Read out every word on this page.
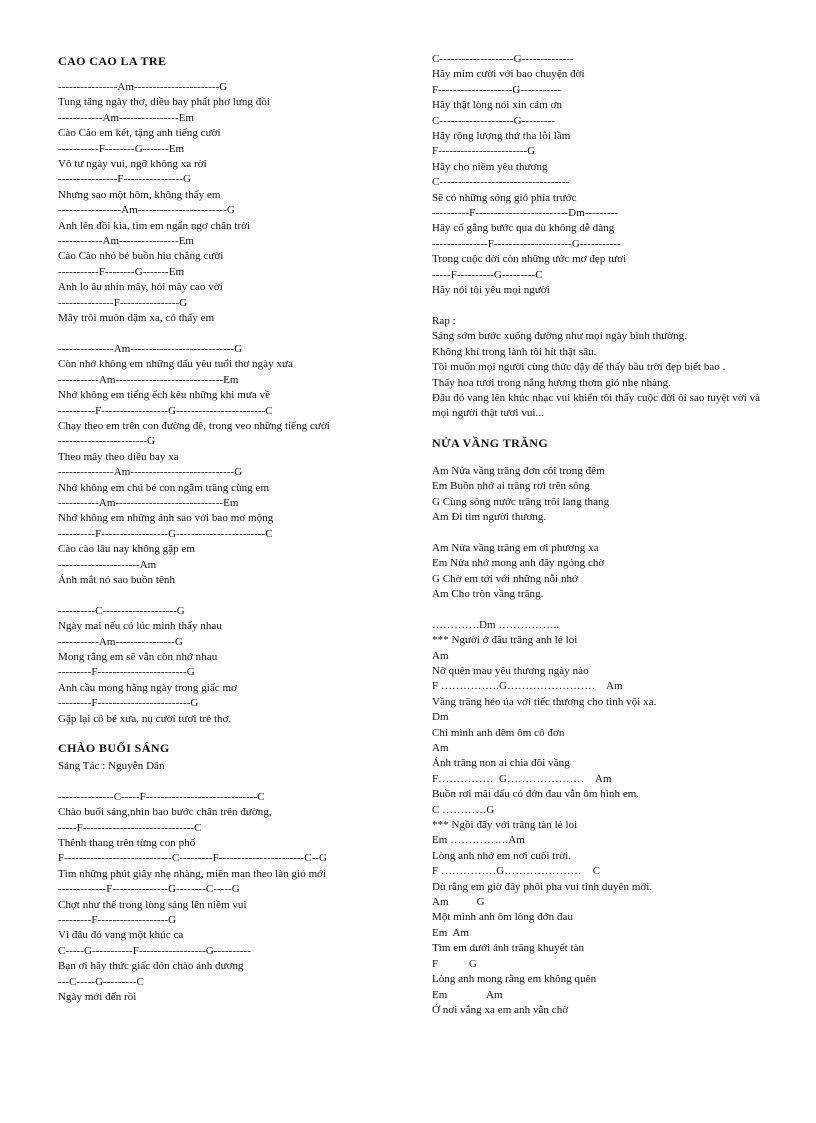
CAO CAO LA TRE
----------------Am-----------------------G
Tung tăng ngày thơ, diều bay phất phơ lưng đồi
------------Am----------------Em
Cào Cào em kết, tặng anh tiếng cười
-----------F--------G-------Em
Vô tư ngày vui, ngỡ không xa rời
----------------F----------------G
Nhưng sao một hôm, không thấy em
-----------------Am------------------------G
Anh lên đồi kia, tìm em ngẩn ngơ chân trời
------------Am----------------Em
Cào Cào nhỏ bé buồn hiu chẳng cười
-----------F--------G-------Em
Anh lo âu nhìn mây, hỏi mây cao vời
---------------F----------------G
Mây trôi muôn dặm xa, có thấy em
---------------Am----------------------------G
Còn nhớ không em những dấu yêu tuổi thơ ngày xưa
-----------Am-----------------------------Em
Nhớ không em tiếng ếch kêu những khi mưa về
----------F------------------G------------------------C
Chạy theo em trên con đường đê, trong veo những tiếng cười
------------------------G
Theo mây theo diều bay xa
---------------Am----------------------------G
Nhớ không em chú bé con ngắm trăng cùng em
-----------Am-----------------------------Em
Nhớ không em những ánh sao với bao mơ mộng
----------F------------------G------------------------C
Cào cào lâu nay không gặp em
----------------------Am
Ánh mắt nó sao buồn tênh
----------C--------------------G
Ngày mai nếu có lúc mình thấy nhau
-----------Am----------------G
Mong rằng em sẽ vẫn còn nhớ nhau
---------F------------------------G
Anh cầu mong hằng ngày trong giấc mơ
---------F-------------------------G
Gặp lại cô bé xưa, nụ cười tươi trẻ thơ.
CHÀO BUỔI SÁNG
Sáng Tác : Nguyễn Dân
---------------C-----F------------------------------C
Chào buổi sáng,nhìn bao bước chân trên đường,
-----F------------------------------C
Thênh thang trên từng con phố
F-----------------------------C---------F-----------------------C--G
Tìm những phút giây nhẹ nhàng, miên man theo làn gió mới
-------------F---------------G--------C-----G
Chợt như thế trong lòng sáng lên niềm vui
---------F-------------------G
Vì đâu đó vang một khúc ca
C-----G-----------F------------------G----------
Bạn ơi hãy thức giấc đón chào ánh dương
---C-----G---------C
Ngày mới đến rồi
C--------------------G--------------
Hãy mỉm cười với bao chuyện đời
F--------------------G-----------
Hãy thật lòng nói xin cảm ơn
C--------------------G---------
Hãy rộng lượng thứ tha lỗi lầm
F------------------------G
Hãy cho niềm yêu thương
C-----------------------------------
Sẽ có những sóng gió phía trước
----------F-------------------------Dm---------
Hãy cố gắng bước qua dù không dễ dàng
---------------F---------------------G-----------
Trong cuộc đời còn những ước mơ đẹp tươi
-----F----------G---------C
Hãy nói tôi yêu mọi người
Rap :
Sáng sớm bước xuống đường như mọi ngày bình thường.
Không khí trong lành tôi hít thật sâu.
Tôi muốn mọi người cùng thức dậy để thấy bầu trời đẹp biết bao .
Thấy hoa tươi trong nắng hương thơm gió nhẹ nhàng.
Đâu đó vang lên khúc nhạc vui khiến tôi thấy cuộc đời ôi sao tuyệt vời và mọi người thật tươi vui...
NỬA VẦNG TRĂNG
Am Nửa vầng trăng đơn côi trong đêm
Em Buồn nhớ ai trăng rơi trên sông
G Cùng sông nước trăng trôi lang thang
Am Đi tìm người thương.
Am Nửa vầng trăng em ơi phương xa
Em Nửa nhớ mong anh đây ngóng chờ
G Chờ em tới với những nỗi nhớ
Am Cho tròn vầng trăng.
………….Dm ……………..
*** Người ở đâu trăng anh lẻ loi
Am
Nỡ quên mau yêu thương ngày nào
F …………….G……………………    Am
Vầng trăng héo úa với tiếc thương cho tình vội xa.
Dm
Chỉ mình anh đêm ôm cô đơn
Am
Ánh trăng non ai chia đôi vầng
F……………  G…………………    Am
Buồn rơi mãi dấu có đớn đau vẫn ôm hình em.
C …………G
*** Ngồi đây với trăng tàn lẻ loi
Em …………….Am
Lòng anh nhớ em nơi cuối trời.
F ……………G…………………    C
Dù rằng em giờ đây phôi pha vui tình duyên mới.
Am          G
Một mình anh ôm lòng đớn đau
Em  Am
Tìm em dưới ánh trăng khuyết tàn
F           G
Lòng anh mong rằng em không quên
Em              Am
Ở nơi vắng xa em anh vẫn chờ
